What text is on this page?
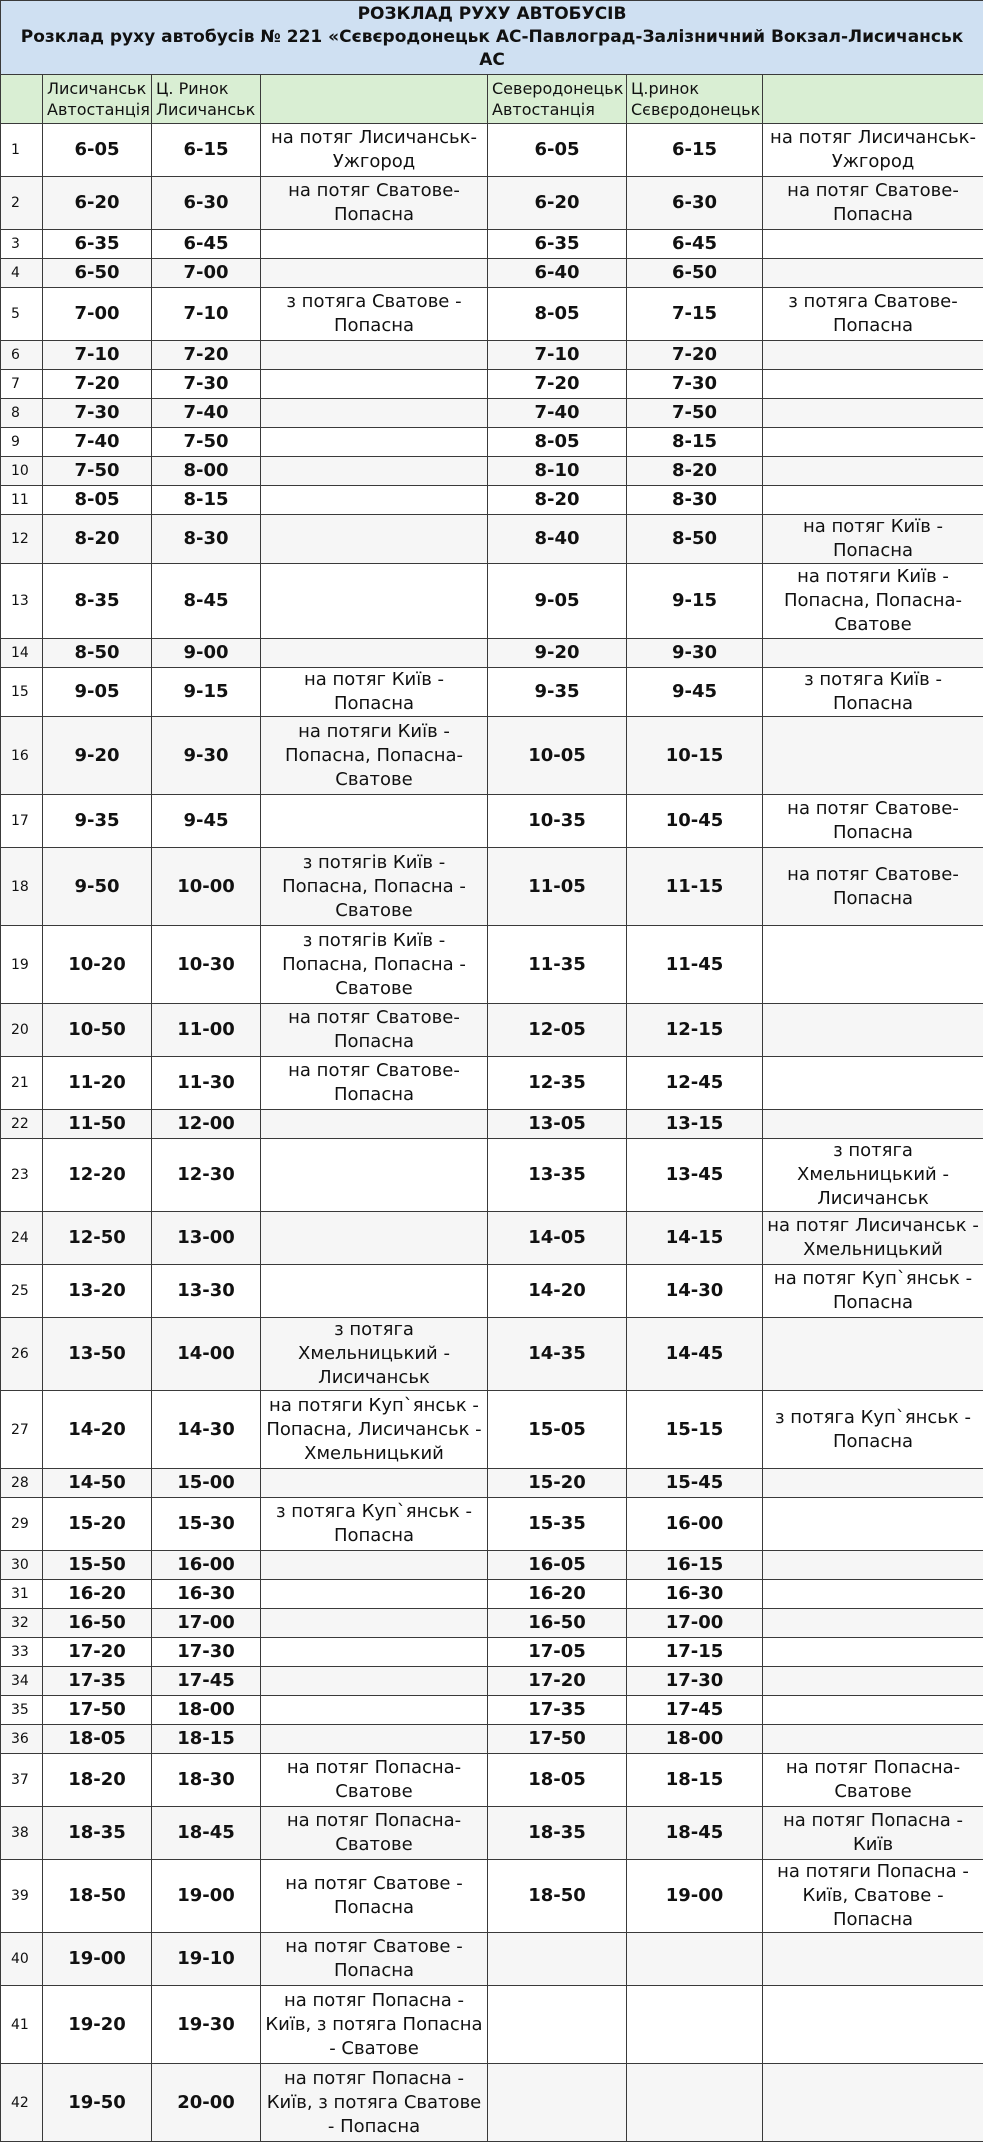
РОЗКЛАД РУХУ АВТОБУСІВ
Розклад руху автобусів № 221 «Сєвєродонецьк АС-Павлоград-Залізничний Вокзал-Лисичанськ АС						

	Лисичанськ Автостанція	Ц. Ринок Лисичанськ		Северодонецьк Автостанція	Ц.ринок Сєвєродонецьк	
1	6-05	6-15	на потяг Лисичанськ-Ужгород	6-05	6-15	на потяг Лисичанськ-Ужгород
2	6-20	6-30	на потяг Сватове-Попасна	6-20	6-30	на потяг Сватове-Попасна
3	6-35	6-45		6-35	6-45	
4	6-50	7-00		6-40	6-50	
5	7-00	7-10	з потяга Сватове - Попасна	8-05	7-15	з потяга Сватове-Попасна
6	7-10	7-20		7-10	7-20	
7	7-20	7-30		7-20	7-30	
8	7-30	7-40		7-40	7-50	
9	7-40	7-50		8-05	8-15	
10	7-50	8-00		8-10	8-20	
11	8-05	8-15		8-20	8-30	
12	8-20	8-30		8-40	8-50	на потяг Київ - Попасна
13	8-35	8-45		9-05	9-15	на потяги Київ - Попасна, Попасна-Сватове
14	8-50	9-00		9-20	9-30	
15	9-05	9-15	на потяг Київ - Попасна	9-35	9-45	з потяга Київ - Попасна
16	9-20	9-30	на потяги Київ - Попасна, Попасна-Сватове	10-05	10-15	
17	9-35	9-45		10-35	10-45	на потяг Сватове-Попасна
18	9-50	10-00	з потягів Київ - Попасна, Попасна - Сватове	11-05	11-15	на потяг Сватове-Попасна
19	10-20	10-30	з потягів Київ - Попасна, Попасна - Сватове	11-35	11-45	
20	10-50	11-00	на потяг Сватове-Попасна	12-05	12-15	
21	11-20	11-30	на потяг Сватове-Попасна	12-35	12-45	
22	11-50	12-00		13-05	13-15	
23	12-20	12-30		13-35	13-45	з потяга Хмельницький - Лисичанськ
24	12-50	13-00		14-05	14-15	на потяг Лисичанськ - Хмельницький
25	13-20	13-30		14-20	14-30	на потяг Куп`янськ - Попасна
26	13-50	14-00	з потяга Хмельницький - Лисичанськ	14-35	14-45	
27	14-20	14-30	на потяги Куп`янськ - Попасна, Лисичанськ - Хмельницький	15-05	15-15	з потяга Куп`янськ - Попасна
28	14-50	15-00		15-20	15-45	
29	15-20	15-30	з потяга Куп`янськ - Попасна	15-35	16-00	
30	15-50	16-00		16-05	16-15	
31	16-20	16-30		16-20	16-30	
32	16-50	17-00		16-50	17-00	
33	17-20	17-30		17-05	17-15	
34	17-35	17-45		17-20	17-30	
35	17-50	18-00		17-35	17-45	
36	18-05	18-15		17-50	18-00	
37	18-20	18-30	на потяг Попасна-Сватове	18-05	18-15	на потяг Попасна-Сватове
38	18-35	18-45	на потяг Попасна-Сватове	18-35	18-45	на потяг Попасна - Київ
39	18-50	19-00	на потяг Сватове - Попасна	18-50	19-00	на потяги Попасна - Київ, Сватове - Попасна
40	19-00	19-10	на потяг Сватове - Попасна			
41	19-20	19-30	на потяг Попасна - Київ, з потяга Попасна - Сватове			
42	19-50	20-00	на потяг Попасна - Київ, з потяга Сватове - Попасна			
